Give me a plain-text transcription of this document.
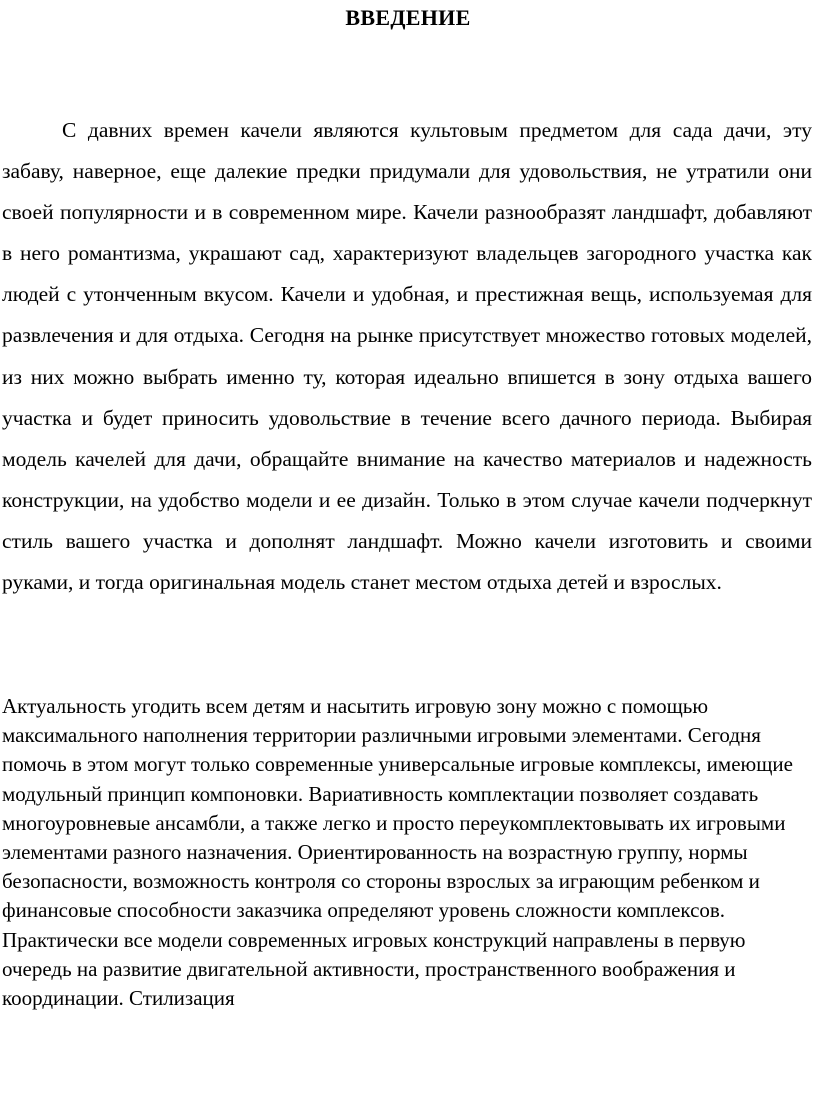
ВВЕДЕНИЕ

С давних времен качели являются культовым предметом для сада дачи, эту забаву, наверное, еще далекие предки придумали для удовольствия, не утратили они своей популярности и в современном мире. Качели разнообразят ландшафт, добавляют в него романтизма, украшают сад, характеризуют владельцев загородного участка как людей с утонченным вкусом. Качели и удобная, и престижная вещь, используемая для развлечения и для отдыха. Сегодня на рынке присутствует множество готовых моделей, из них можно выбрать именно ту, которая идеально впишется в зону отдыха вашего участка и будет приносить удовольствие в течение всего дачного периода. Выбирая модель качелей для дачи, обращайте внимание на качество материалов и надежность конструкции, на удобство модели и ее дизайн. Только в этом случае качели подчеркнут стиль вашего участка и дополнят ландшафт. Можно качели изготовить и своими руками, и тогда оригинальная модель станет местом отдыха детей и взрослых.

Актуальность угодить всем детям и насытить игровую зону можно с помощью максимального наполнения территории различными игровыми элементами. Сегодня помочь в этом могут только современные универсальные игровые комплексы, имеющие модульный принцип компоновки. Вариативность комплектации позволяет создавать многоуровневые ансамбли, а также легко и просто переукомплектовывать их игровыми элементами разного назначения. Ориентированность на возрастную группу, нормы безопасности, возможность контроля со стороны взрослых за играющим ребенком и финансовые способности заказчика определяют уровень сложности комплексов. Практически все модели современных игровых конструкций направлены в первую очередь на развитие двигательной активности, пространственного воображения и координации. Стилизация
